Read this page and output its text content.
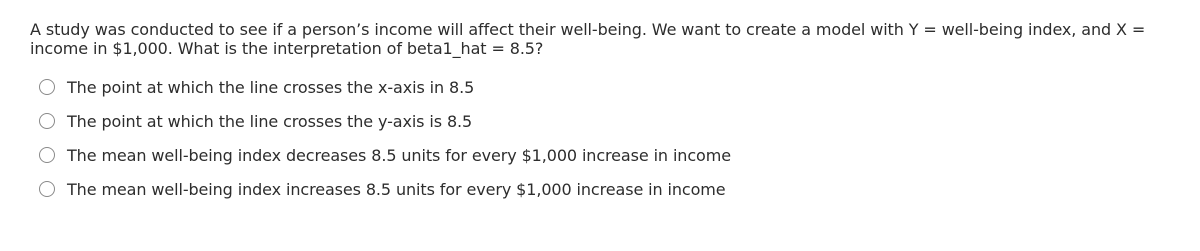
A study was conducted to see if a person’s income will affect their well-being. We want to create a model with Y = well-being index, and X = income in $1,000. What is the interpretation of beta1_hat = 8.5?

The point at which the line crosses the x-axis in 8.5
The point at which the line crosses the y-axis is 8.5
The mean well-being index decreases 8.5 units for every $1,000 increase in income
The mean well-being index increases 8.5 units for every $1,000 increase in income
